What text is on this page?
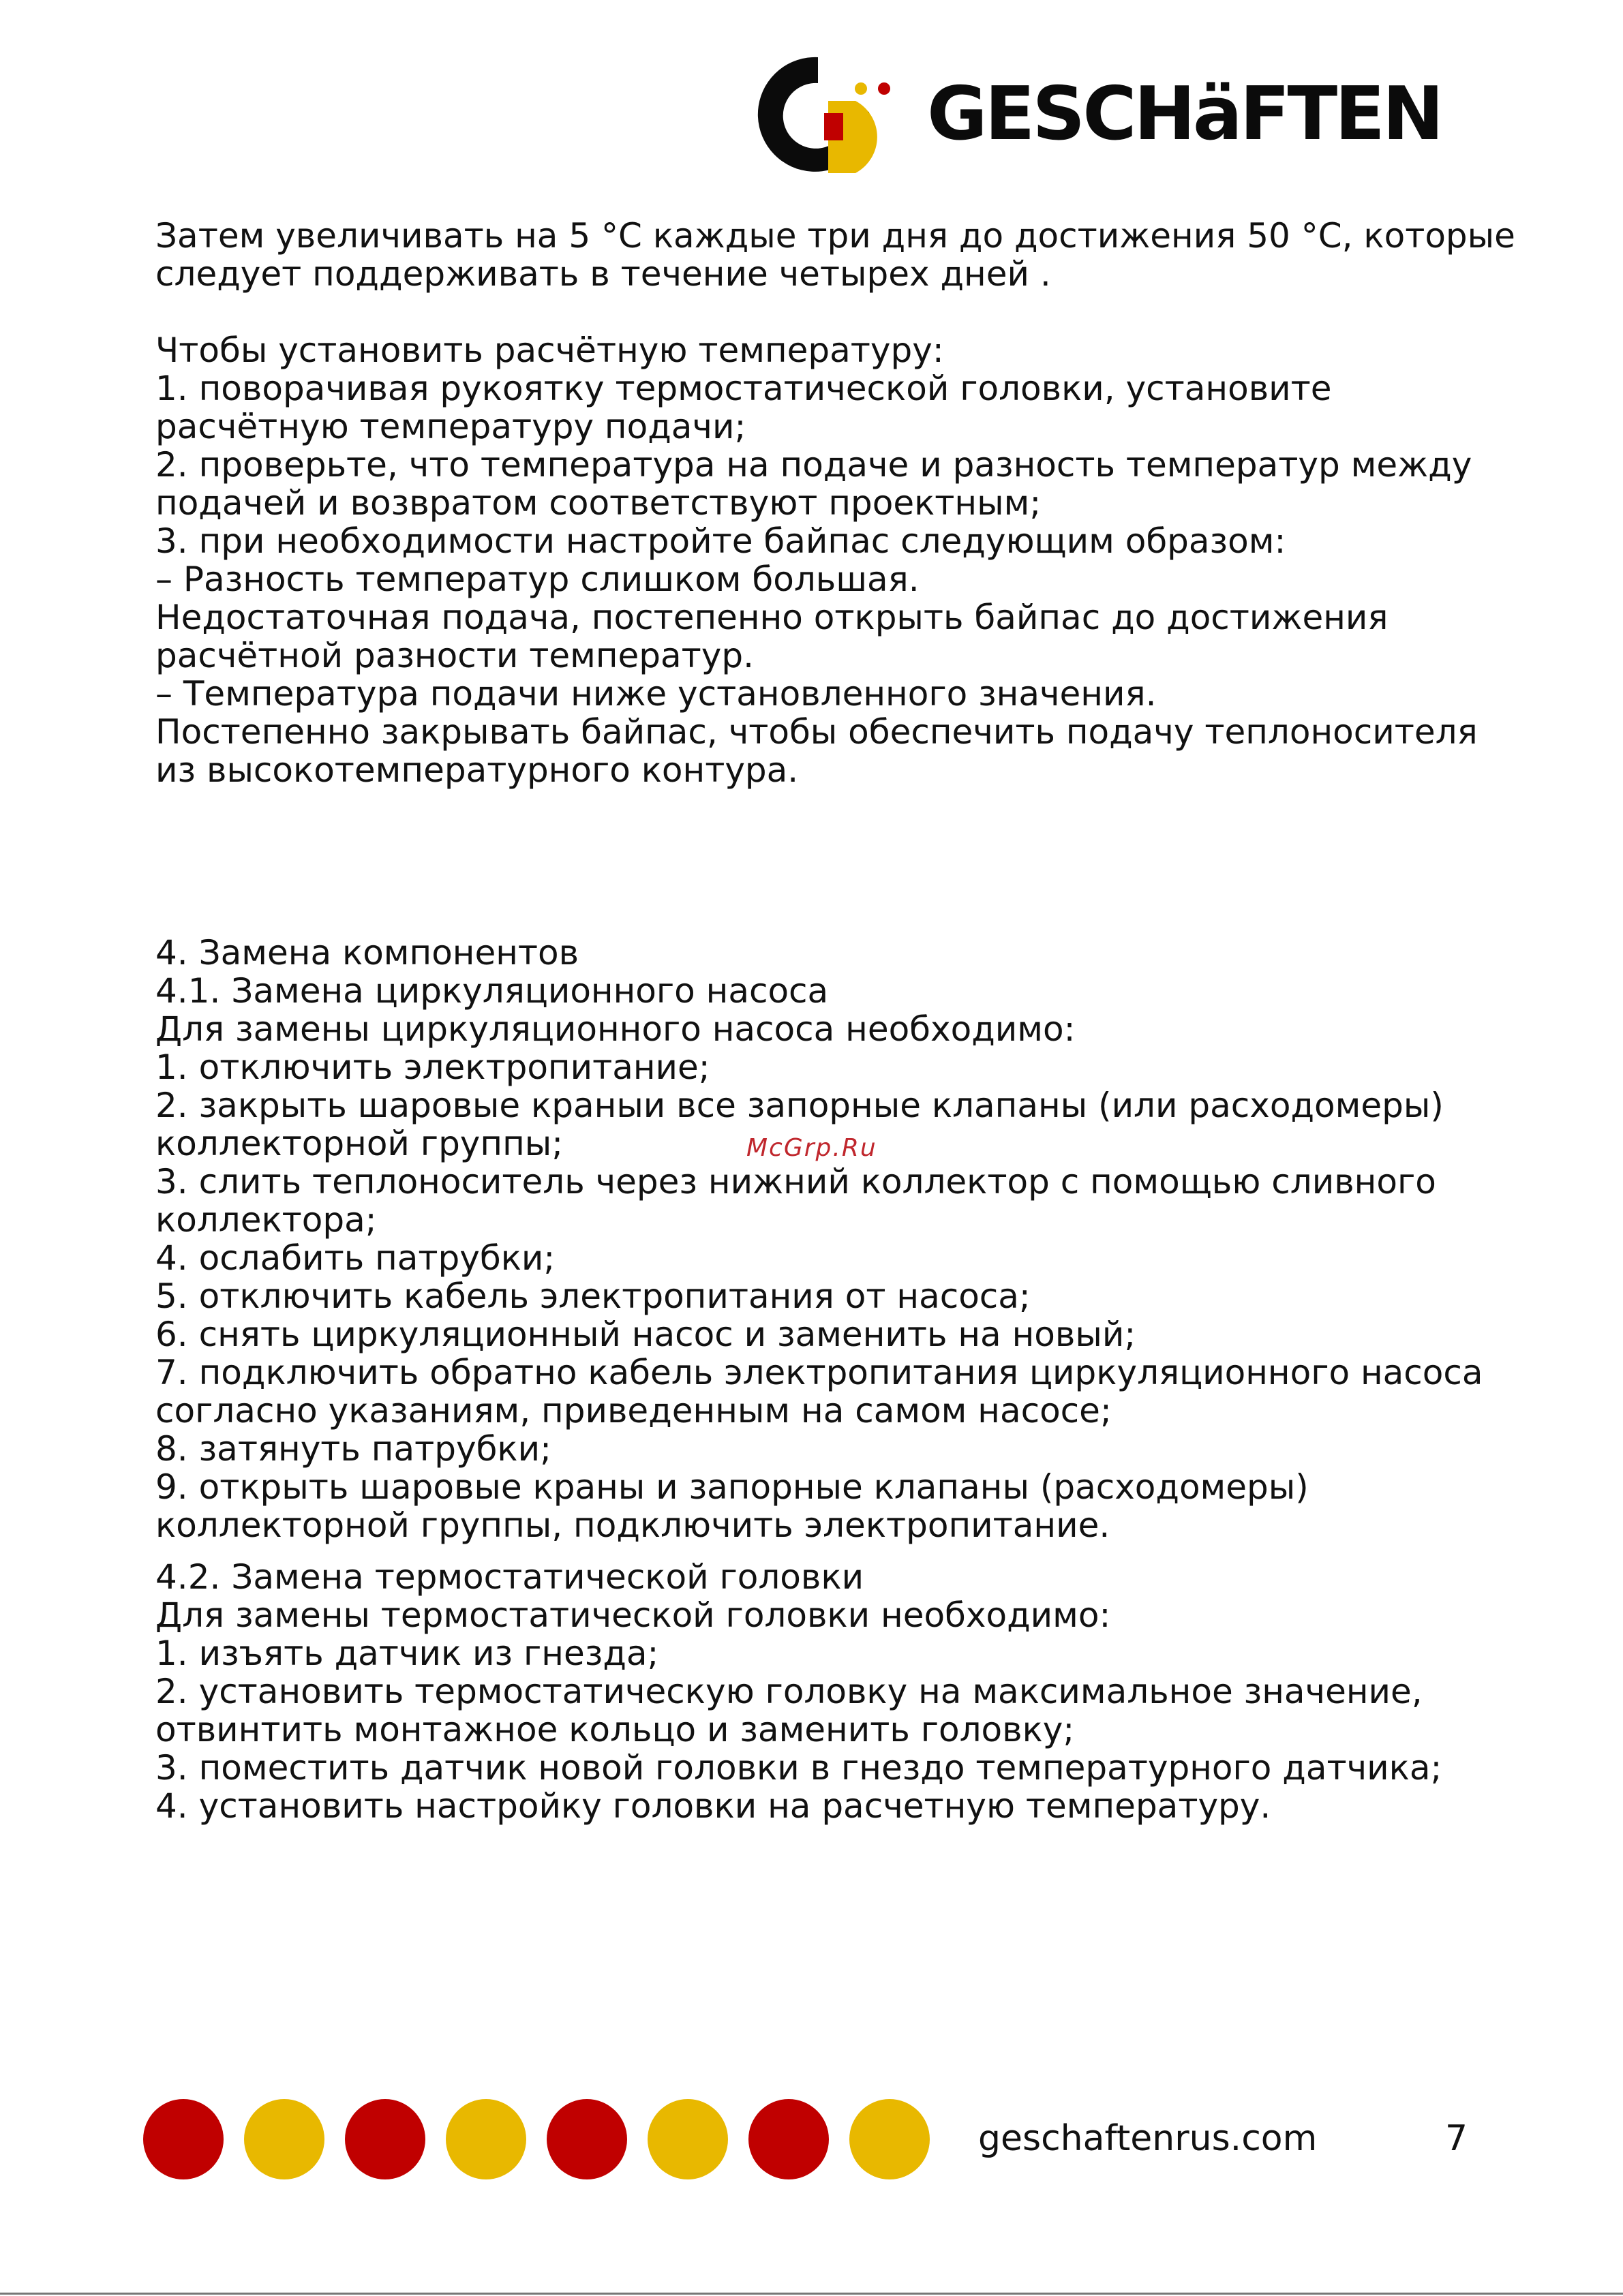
GESCHäFTEN
Затем увеличивать на 5 °С каждые три дня до достижения 50 °С, которые
следует поддерживать в течение четырех дней .
Чтобы установить расчётную температуру:
1. поворачивая рукоятку термостатической головки, установите
расчётную температуру подачи;
2. проверьте, что температура на подаче и разность температур между
подачей и возвратом соответствуют проектным;
3. при необходимости настройте байпас следующим образом:
– Разность температур слишком большая.
Недостаточная подача, постепенно открыть байпас до достижения
расчётной разности температур.
– Температура подачи ниже установленного значения.
Постепенно закрывать байпас, чтобы обеспечить подачу теплоносителя
из высокотемпературного контура.
4. Замена компонентов
4.1. Замена циркуляционного насоса
Для замены циркуляционного насоса необходимо:
1. отключить электропитание;
2. закрыть шаровые краныи все запорные клапаны (или расходомеры)
коллекторной группы;
3. слить теплоноситель через нижний коллектор с помощью сливного
коллектора;
4. ослабить патрубки;
5. отключить кабель электропитания от насоса;
6. снять циркуляционный насос и заменить на новый;
7. подключить обратно кабель электропитания циркуляционного насоса
согласно указаниям, приведенным на самом насосе;
8. затянуть патрубки;
9. открыть шаровые краны и запорные клапаны (расходомеры)
коллекторной группы, подключить электропитание.
McGrp.Ru
4.2. Замена термостатической головки
Для замены термостатической головки необходимо:
1. изъять датчик из гнезда;
2. установить термостатическую головку на максимальное значение,
отвинтить монтажное кольцо и заменить головку;
3. поместить датчик новой головки в гнездо температурного датчика;
4. установить настройку головки на расчетную температуру.
geschaftenrus.com	7
